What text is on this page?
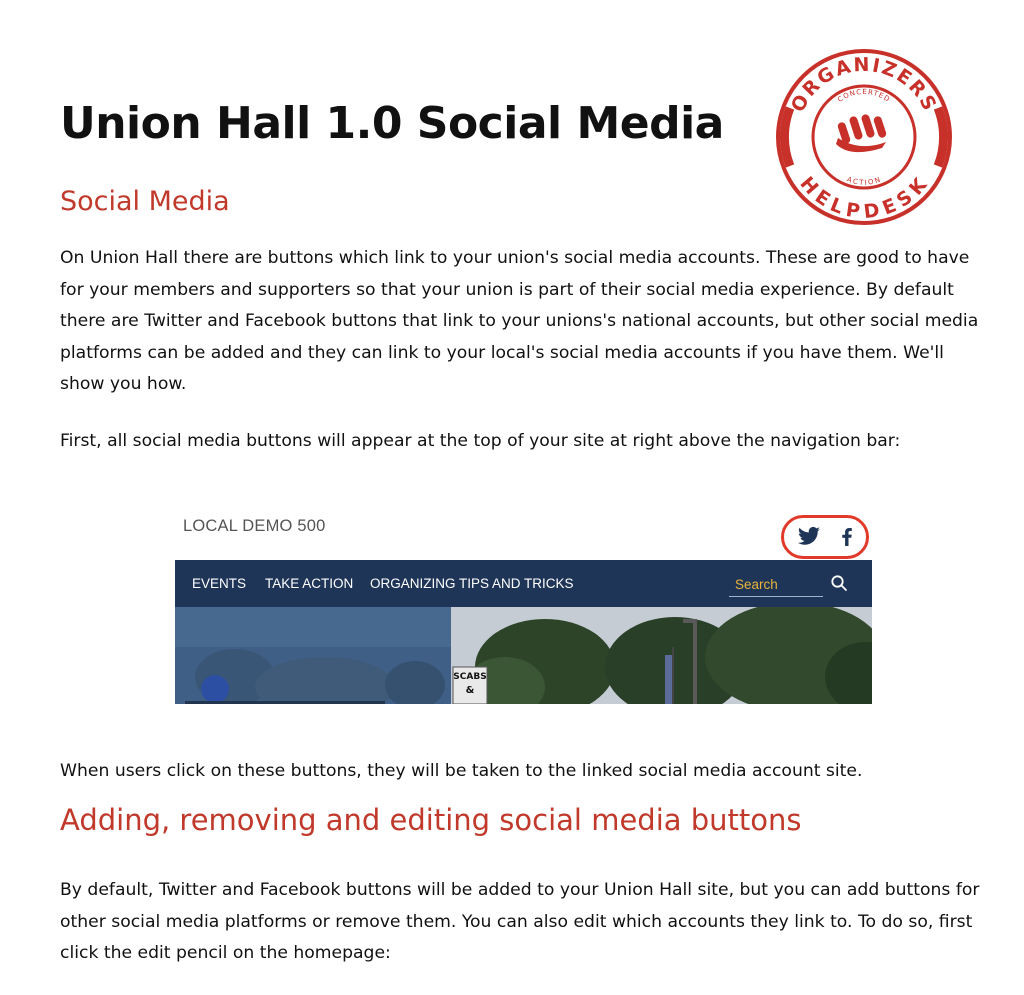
Union Hall 1.0 Social Media	ORGANIZERS
HELPDESK
CONCERTED
ACTION
Social Media

On Union Hall there are buttons which link to your union's social media accounts. These are good to have for your members and supporters so that your union is part of their social media experience. By default there are Twitter and Facebook buttons that link to your unions's national accounts, but other social media platforms can be added and they can link to your local's social media accounts if you have them. We'll show you how.

First, all social media buttons will appear at the top of your site at right above the navigation bar:

LOCAL DEMO 500
EVENTS TAKE ACTION ORGANIZING TIPS AND TRICKS
Search
SCABS
&

When users click on these buttons, they will be taken to the linked social media account site.

Adding, removing and editing social media buttons

By default, Twitter and Facebook buttons will be added to your Union Hall site, but you can add buttons for other social media platforms or remove them. You can also edit which accounts they link to. To do so, first click the edit pencil on the homepage:
